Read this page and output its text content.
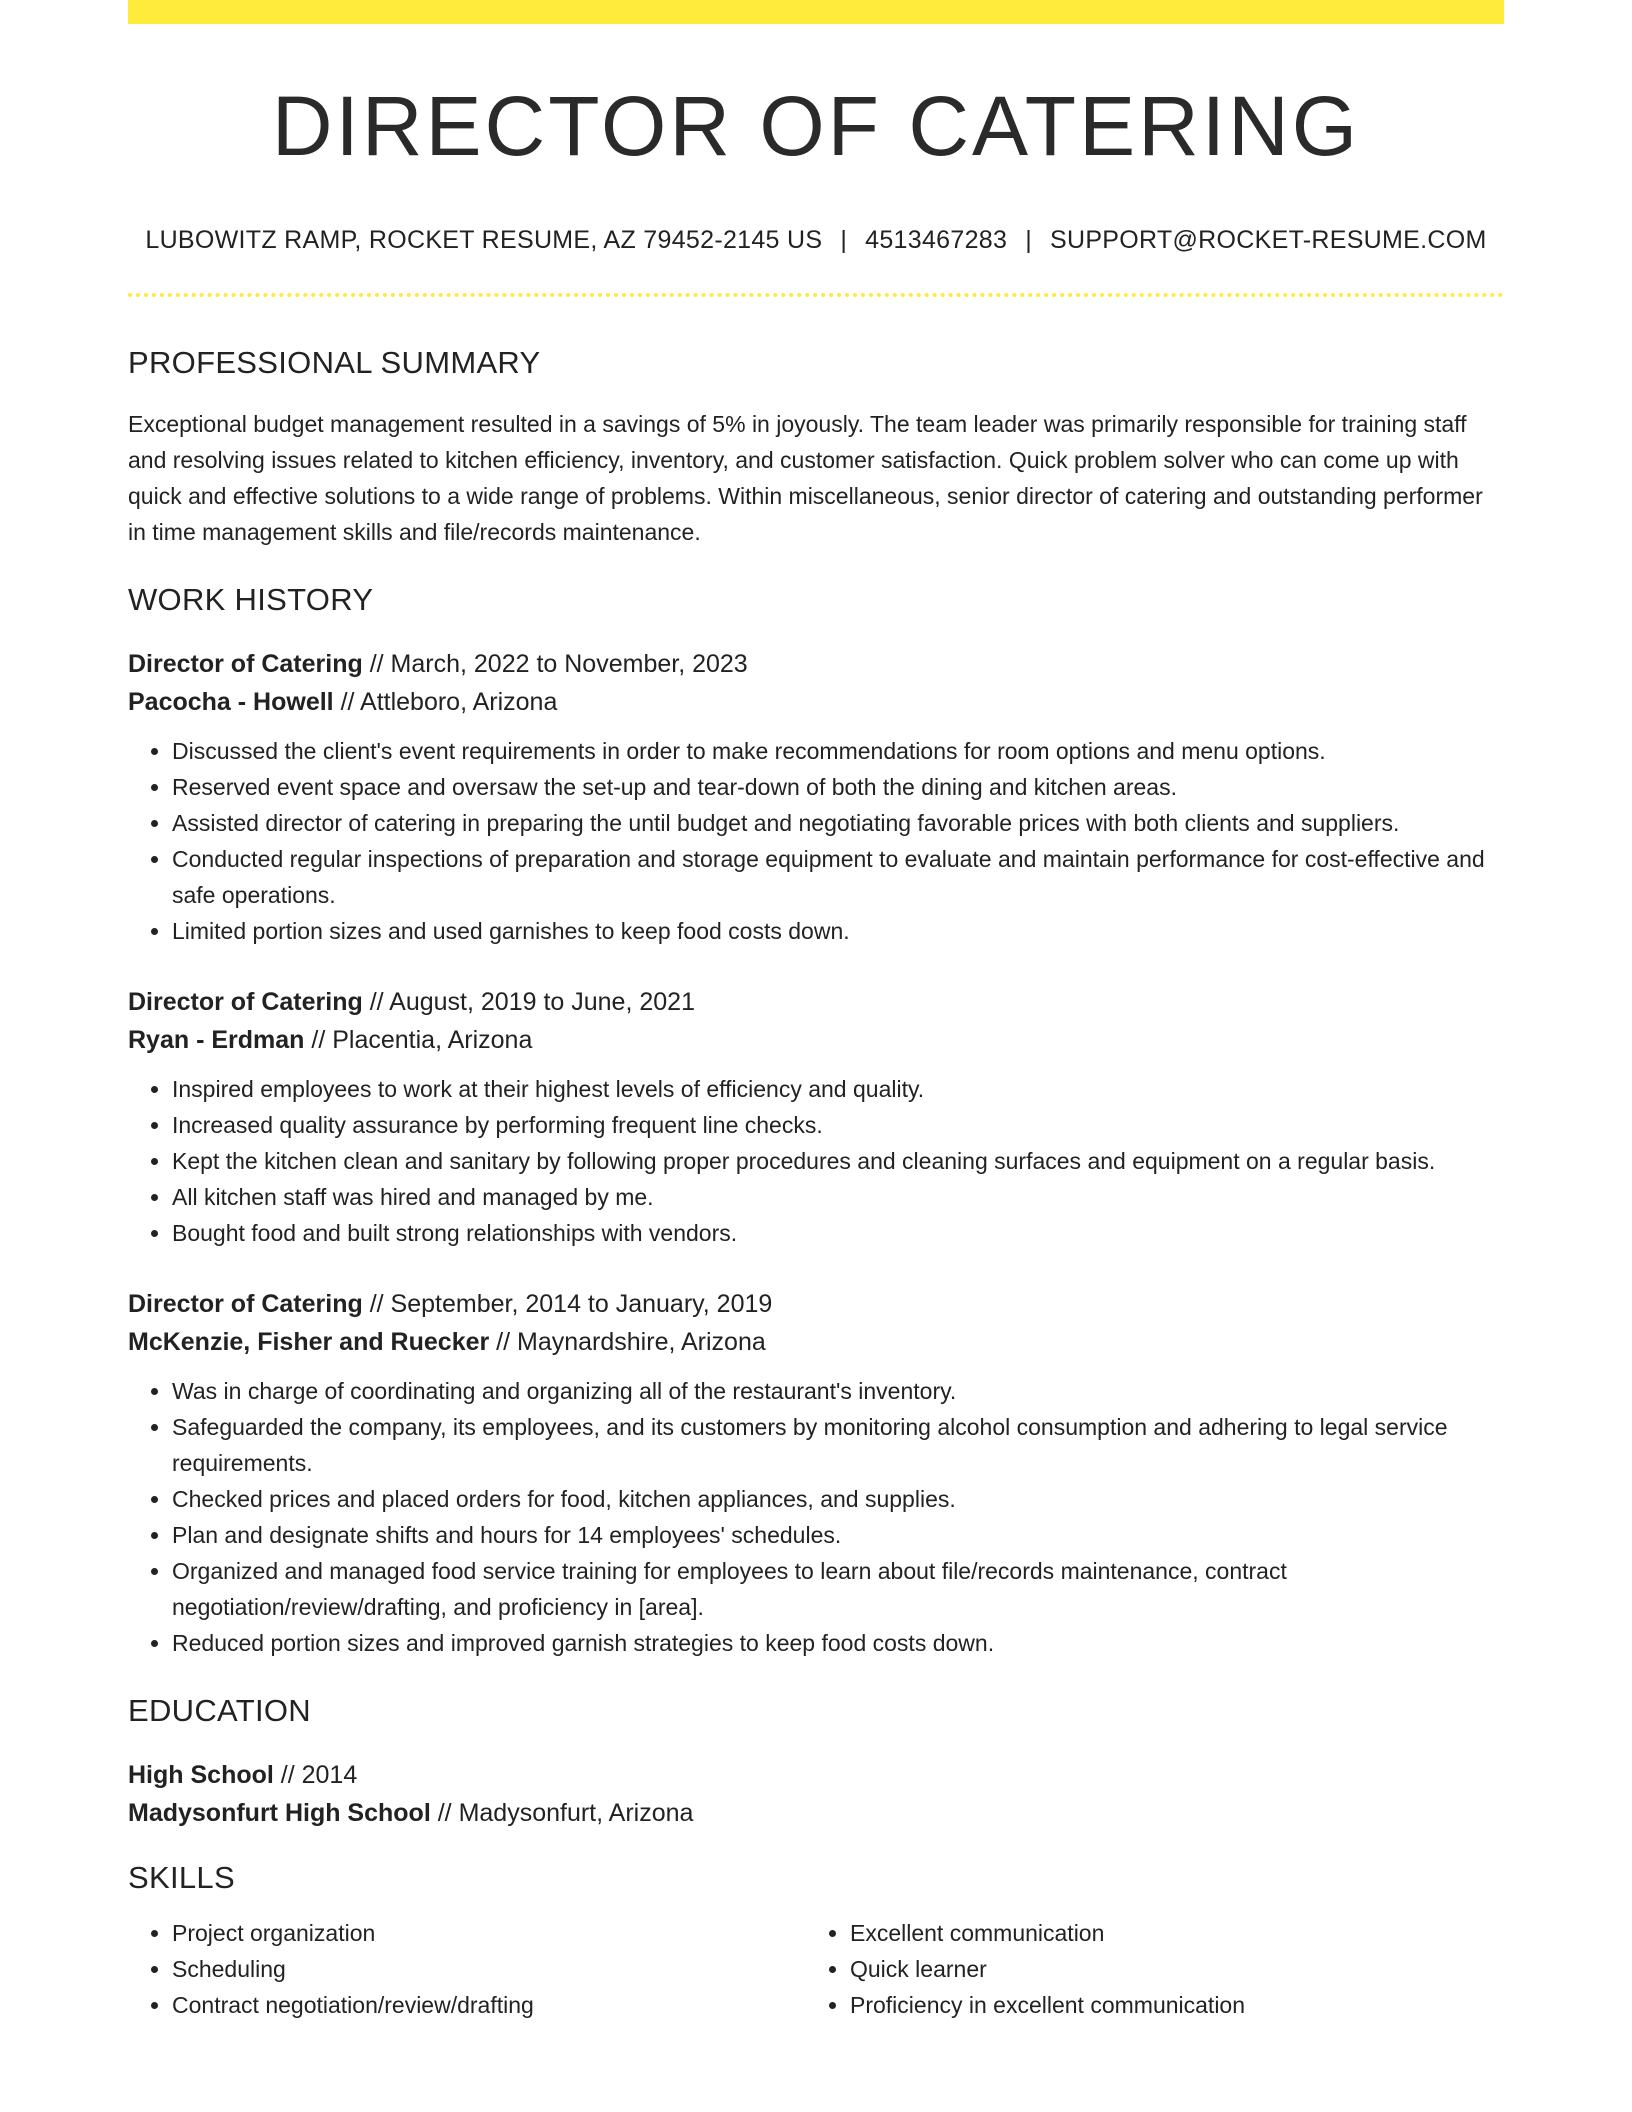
DIRECTOR OF CATERING
LUBOWITZ RAMP, ROCKET RESUME, AZ 79452-2145 US | 4513467283 | SUPPORT@ROCKET-RESUME.COM
PROFESSIONAL SUMMARY

Exceptional budget management resulted in a savings of 5% in joyously. The team leader was primarily responsible for training staff and resolving issues related to kitchen efficiency, inventory, and customer satisfaction. Quick problem solver who can come up with quick and effective solutions to a wide range of problems. Within miscellaneous, senior director of catering and outstanding performer in time management skills and file/records maintenance.

WORK HISTORY
Director of Catering // March, 2022 to November, 2023
Pacocha - Howell // Attleboro, Arizona
• Discussed the client's event requirements in order to make recommendations for room options and menu options.
• Reserved event space and oversaw the set-up and tear-down of both the dining and kitchen areas.
• Assisted director of catering in preparing the until budget and negotiating favorable prices with both clients and suppliers.
• Conducted regular inspections of preparation and storage equipment to evaluate and maintain performance for cost-effective and safe operations.
• Limited portion sizes and used garnishes to keep food costs down.
Director of Catering // August, 2019 to June, 2021
Ryan - Erdman // Placentia, Arizona
• Inspired employees to work at their highest levels of efficiency and quality.
• Increased quality assurance by performing frequent line checks.
• Kept the kitchen clean and sanitary by following proper procedures and cleaning surfaces and equipment on a regular basis.
• All kitchen staff was hired and managed by me.
• Bought food and built strong relationships with vendors.
Director of Catering // September, 2014 to January, 2019
McKenzie, Fisher and Ruecker // Maynardshire, Arizona
• Was in charge of coordinating and organizing all of the restaurant's inventory.
• Safeguarded the company, its employees, and its customers by monitoring alcohol consumption and adhering to legal service requirements.
• Checked prices and placed orders for food, kitchen appliances, and supplies.
• Plan and designate shifts and hours for 14 employees' schedules.
• Organized and managed food service training for employees to learn about file/records maintenance, contract negotiation/review/drafting, and proficiency in [area].
• Reduced portion sizes and improved garnish strategies to keep food costs down.
EDUCATION
High School // 2014
Madysonfurt High School // Madysonfurt, Arizona
SKILLS
• Project organization
• Scheduling
• Contract negotiation/review/drafting
• Excellent communication
• Quick learner
• Proficiency in excellent communication
